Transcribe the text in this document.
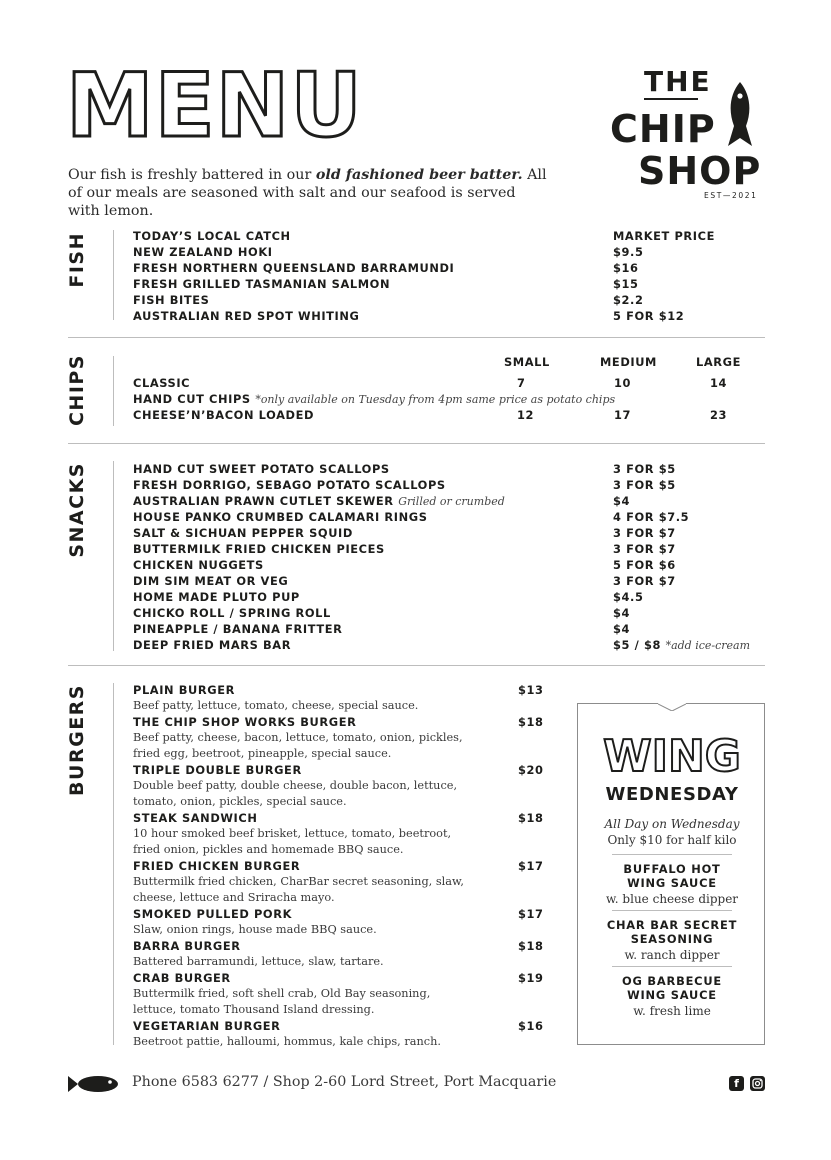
MENU
Our fish is freshly battered in our old fashioned beer batter. All of our meals are seasoned with salt and our seafood is served with lemon.
THE
CHIP
SHOP
EST—2021
FISH	TODAY’S LOCAL CATCH	MARKET PRICE
NEW ZEALAND HOKI	$9.5
FRESH NORTHERN QUEENSLAND BARRAMUNDI	$16
FRESH GRILLED TASMANIAN SALMON	$15
FISH BITES	$2.2
AUSTRALIAN RED SPOT WHITING	5 FOR $12
CHIPS	SMALL	MEDIUM	LARGE
CLASSIC	7	10	14
HAND CUT CHIPS *only available on Tuesday from 4pm same price as potato chips
CHEESE’N’BACON LOADED	12	17	23
SNACKS	HAND CUT SWEET POTATO SCALLOPS	3 FOR $5
FRESH DORRIGO, SEBAGO POTATO SCALLOPS	3 FOR $5
AUSTRALIAN PRAWN CUTLET SKEWER Grilled or crumbed	$4
HOUSE PANKO CRUMBED CALAMARI RINGS	4 FOR $7.5
SALT & SICHUAN PEPPER SQUID	3 FOR $7
BUTTERMILK FRIED CHICKEN PIECES	3 FOR $7
CHICKEN NUGGETS	5 FOR $6
DIM SIM MEAT OR VEG	3 FOR $7
HOME MADE PLUTO PUP	$4.5
CHICKO ROLL / SPRING ROLL	$4
PINEAPPLE / BANANA FRITTER	$4
DEEP FRIED MARS BAR	$5 / $8 *add ice-cream
BURGERS	PLAIN BURGER	$13
Beef patty, lettuce, tomato, cheese, special sauce.
THE CHIP SHOP WORKS BURGER	$18
Beef patty, cheese, bacon, lettuce, tomato, onion, pickles, fried egg, beetroot, pineapple, special sauce.
TRIPLE DOUBLE BURGER	$20
Double beef patty, double cheese, double bacon, lettuce, tomato, onion, pickles, special sauce.
STEAK SANDWICH	$18
10 hour smoked beef brisket, lettuce, tomato, beetroot, fried onion, pickles and homemade BBQ sauce.
FRIED CHICKEN BURGER	$17
Buttermilk fried chicken, CharBar secret seasoning, slaw, cheese, lettuce and Sriracha mayo.
SMOKED PULLED PORK	$17
Slaw, onion rings, house made BBQ sauce.
BARRA BURGER	$18
Battered barramundi, lettuce, slaw, tartare.
CRAB BURGER	$19
Buttermilk fried, soft shell crab, Old Bay seasoning, lettuce, tomato Thousand Island dressing.
VEGETARIAN BURGER	$16
Beetroot pattie, halloumi, hommus, kale chips, ranch.
WING
WEDNESDAY
All Day on Wednesday
Only $10 for half kilo
BUFFALO HOT
WING SAUCE
w. blue cheese dipper
CHAR BAR SECRET
SEASONING
w. ranch dipper
OG BARBECUE
WING SAUCE
w. fresh lime
Phone 6583 6277 / Shop 2-60 Lord Street, Port Macquarie	f
